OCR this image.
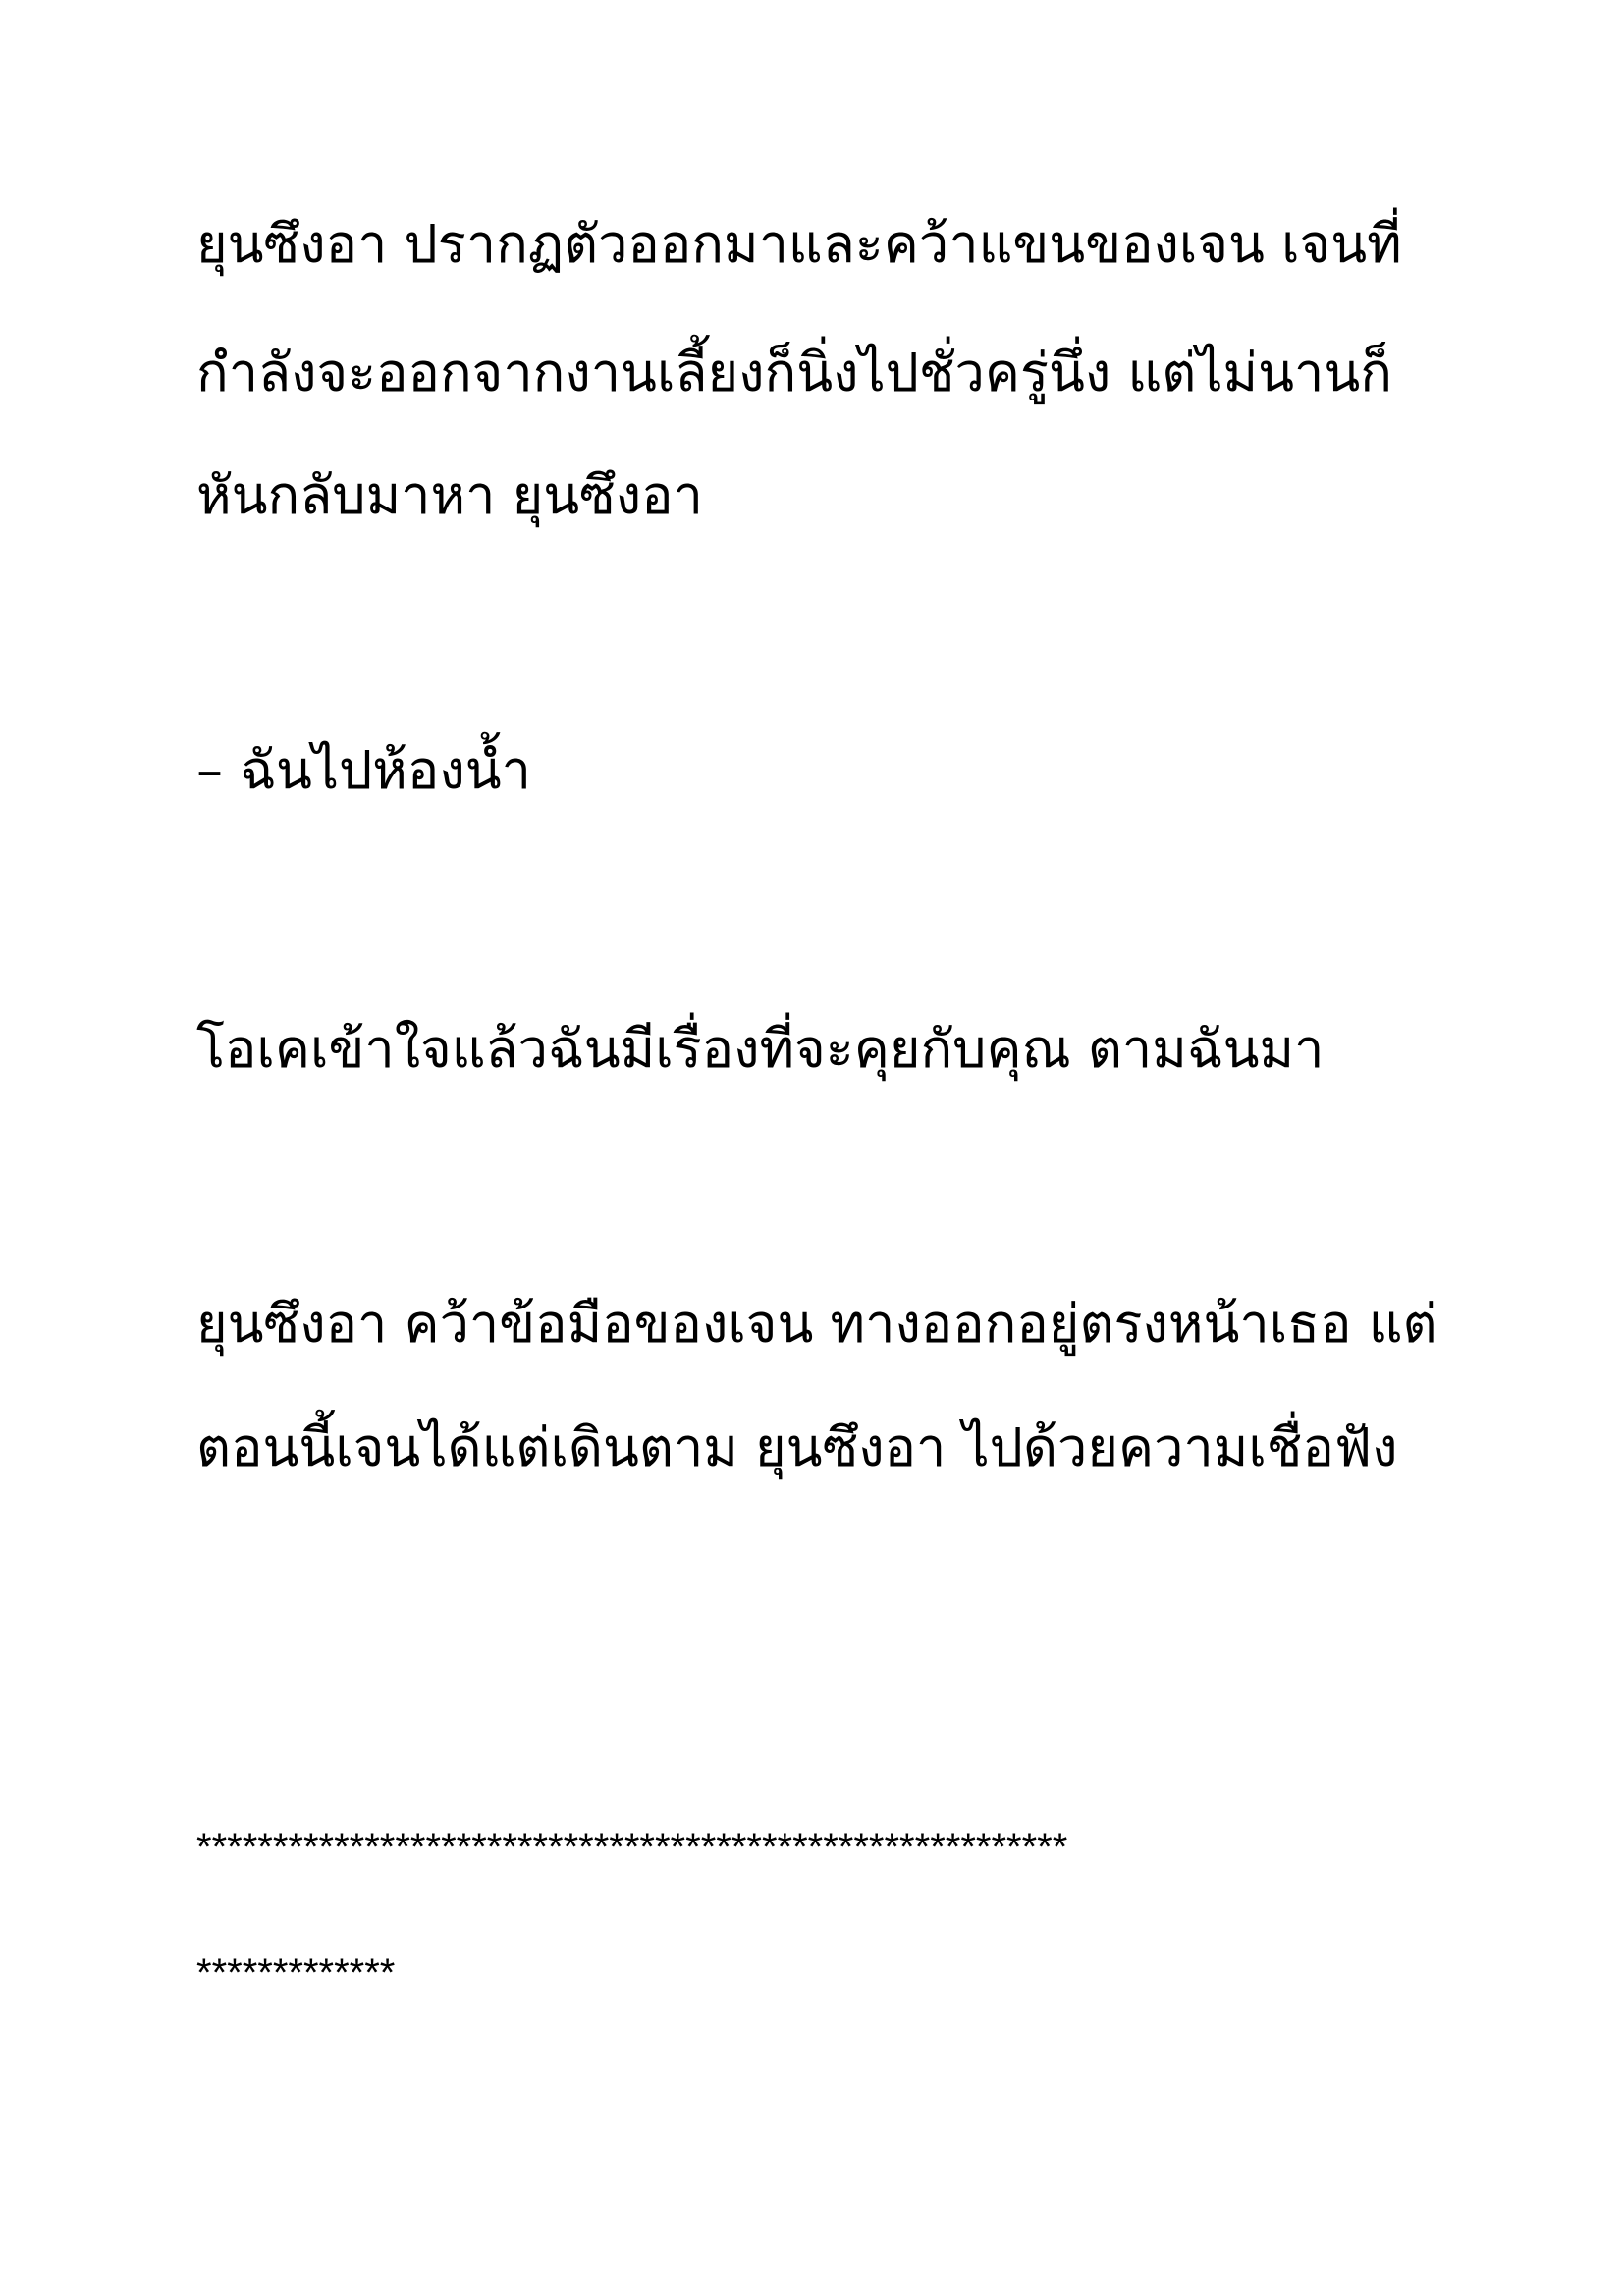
ยุนซึงอา ปรากฏตัวออกมาและคว้าแขนของเจน เจนที่

กำลังจะออกจากงานเลี้ยงก็นิ่งไปชั่วครู่นึ่ง แต่ไม่นานก็

หันกลับมาหา ยุนซึงอา

– ฉันไปห้องน้ำ

โอเคเข้าใจแล้วฉันมีเรื่องที่จะคุยกับคุณ ตามฉันมา

ยุนซึงอา คว้าข้อมือของเจน ทางออกอยู่ตรงหน้าเธอ แต่

ตอนนี้เจนได้แต่เดินตาม ยุนซึงอา ไปด้วยความเชื่อฟัง

*********************************************************

*************
